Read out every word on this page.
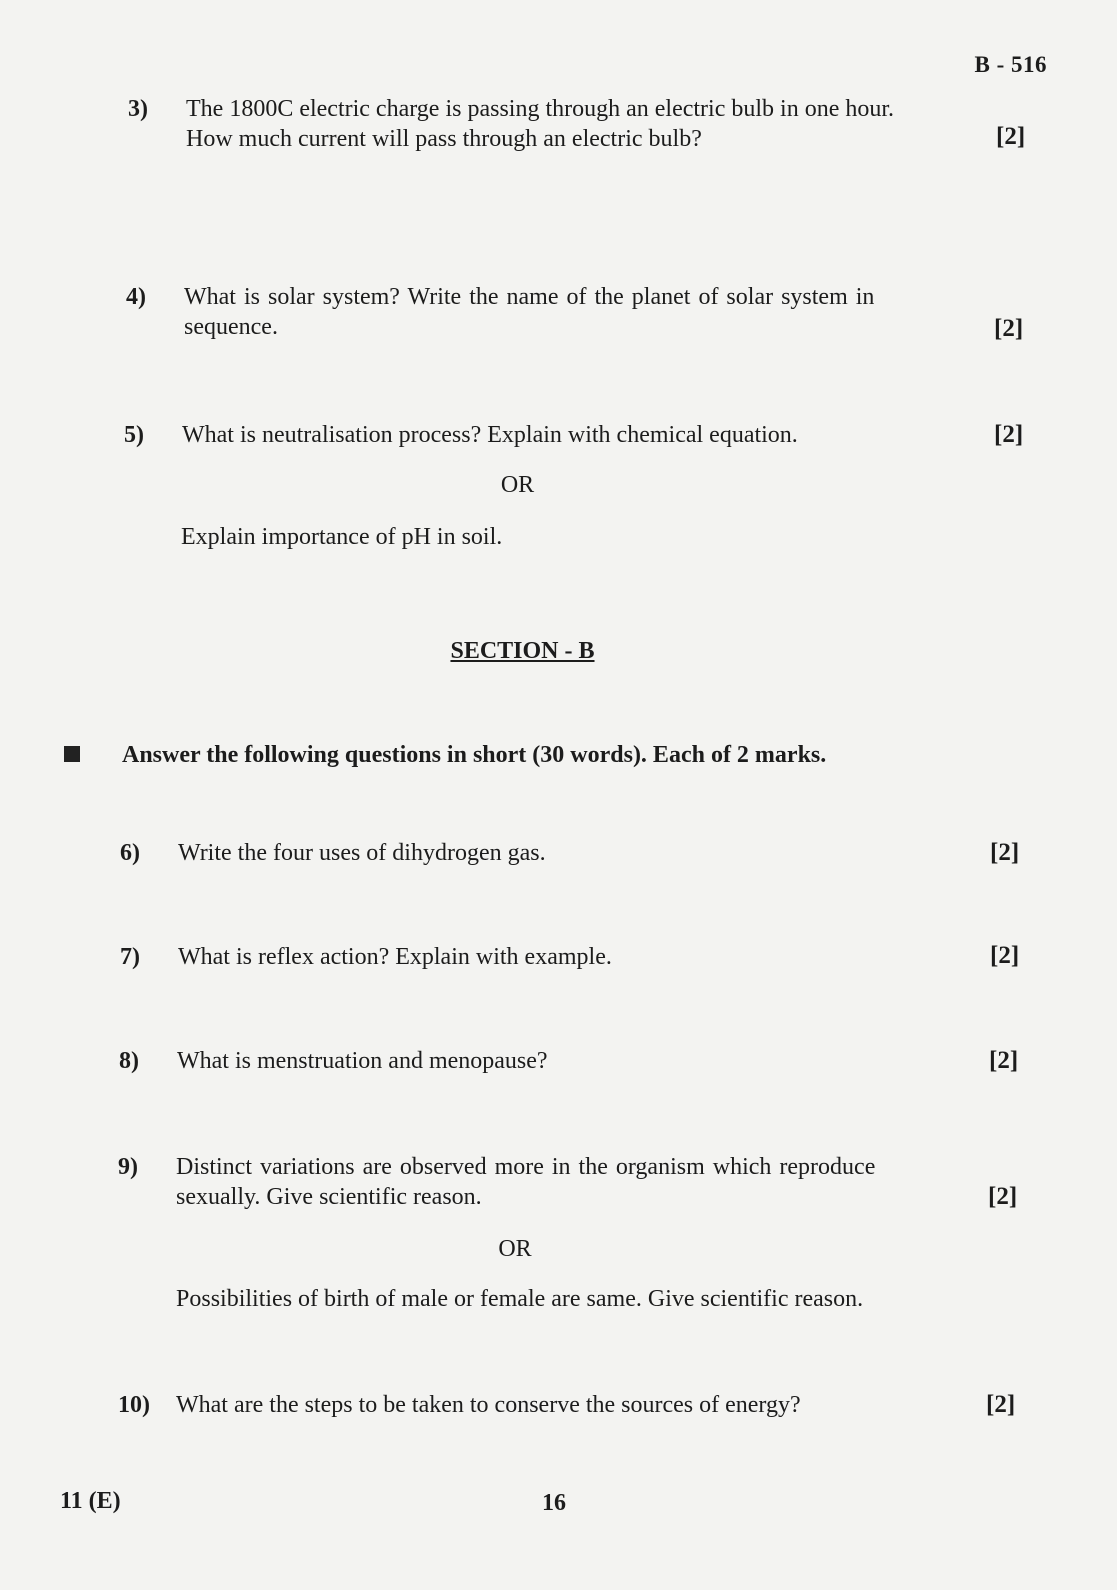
B - 516
3) The 1800C electric charge is passing through an electric bulb in one hour.
How much current will pass through an electric bulb?	[2]
4) What is solar system? Write the name of the planet of solar system in
sequence.	[2]
5) What is neutralisation process? Explain with chemical equation.	[2]
OR
Explain importance of pH in soil.
SECTION - B
Answer the following questions in short (30 words). Each of 2 marks.
6) Write the four uses of dihydrogen gas.	[2]
7) What is reflex action? Explain with example.	[2]
8) What is menstruation and menopause?	[2]
9) Distinct variations are observed more in the organism which reproduce
sexually. Give scientific reason.	[2]
OR
Possibilities of birth of male or female are same. Give scientific reason.
10) What are the steps to be taken to conserve the sources of energy?	[2]
11 (E)	16
